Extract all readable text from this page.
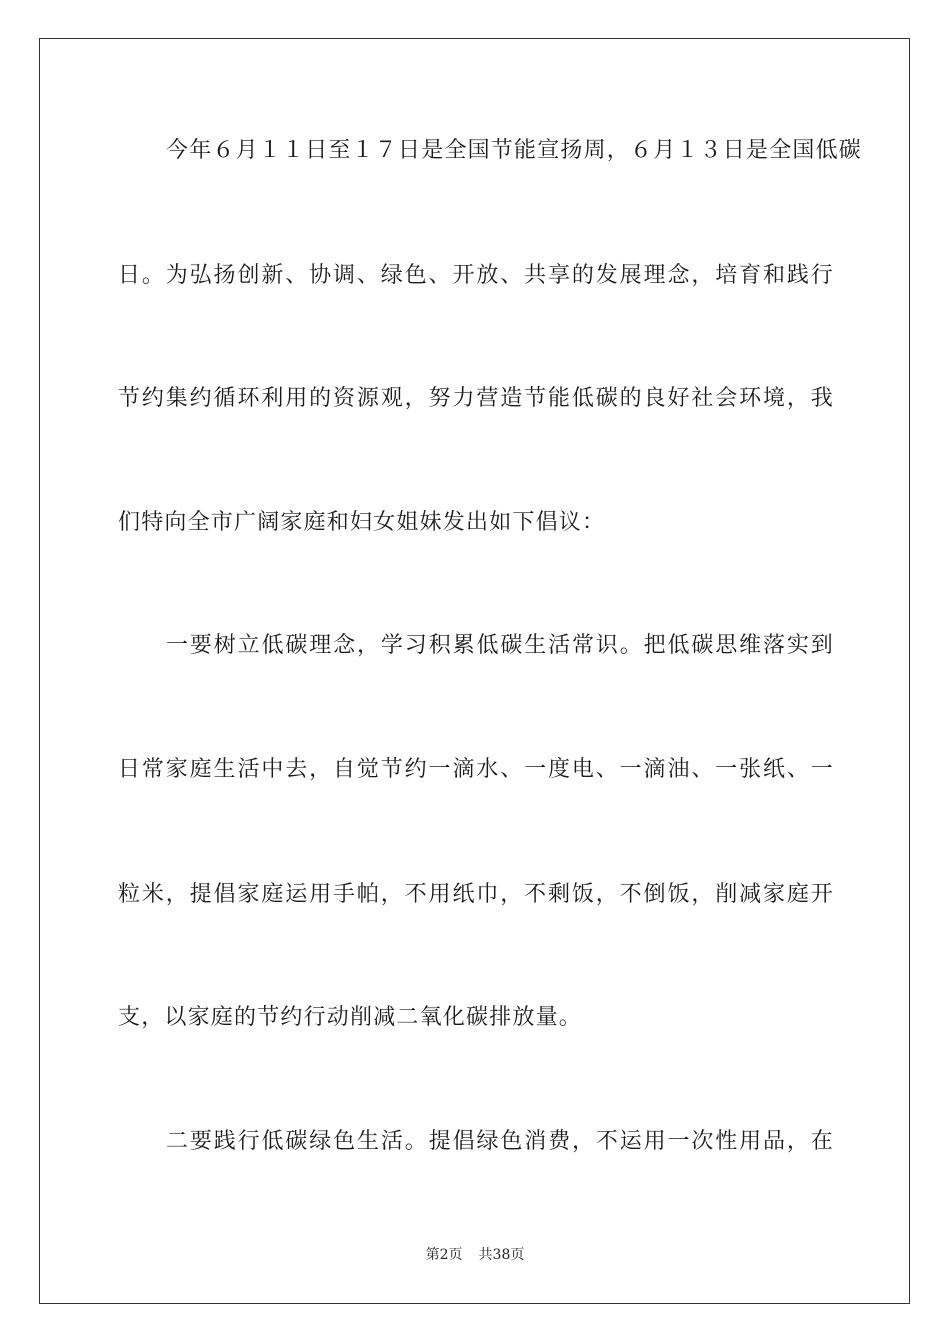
今年６月１１日至１７日是全国节能宣扬周，６月１３日是全国低碳
日。为弘扬创新、协调、绿色、开放、共享的发展理念，培育和践行
节约集约循环利用的资源观，努力营造节能低碳的良好社会环境，我
们特向全市广阔家庭和妇女姐妹发出如下倡议：
一要树立低碳理念，学习积累低碳生活常识。把低碳思维落实到
日常家庭生活中去，自觉节约一滴水、一度电、一滴油、一张纸、一
粒米，提倡家庭运用手帕，不用纸巾，不剩饭，不倒饭，削减家庭开
支，以家庭的节约行动削减二氧化碳排放量。
二要践行低碳绿色生活。提倡绿色消费，不运用一次性用品，在
第2页 共38页
